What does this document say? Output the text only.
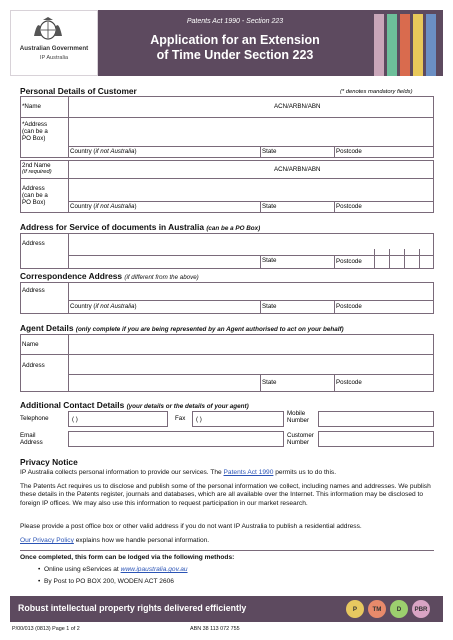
Australian Government
IP Australia
Patents Act 1990 - Section 223
Application for an Extension
of Time Under Section 223
Personal Details of Customer	(* denotes mandatory fields)
*Name	ACN/ARBN/ABN
*Address
(can be a
PO Box)
Country (if not Australia)	State	Postcode
2nd Name
(if required)	ACN/ARBN/ABN
Address
(can be a
PO Box)
Country (if not Australia)	State	Postcode
Address for Service of documents in Australia (can be a PO Box)
Address
State	Postcode
Correspondence Address (if different from the above)
Address
Country (if not Australia)	State	Postcode
Agent Details (only complete if you are being represented by an Agent authorised to act on your behalf)
Name
Address
State	Postcode
Additional Contact Details (your details or the details of your agent)
Telephone	( )	Fax ( )
Mobile
Number
Email
Address
Customer
Number
Privacy Notice
IP Australia collects personal information to provide our services. The Patents Act 1990 permits us to do this.
The Patents Act requires us to disclose and publish some of the personal information we collect, including names and addresses. We publish these details in the Patents register, journals and databases, which are all available over the Internet. This information may be disclosed to foreign IP offices. We may also use this information to request participation in our market research.
Please provide a post office box or other valid address if you do not want IP Australia to publish a residential address.
Our Privacy Policy explains how we handle personal information.
Once completed, this form can be lodged via the following methods:
•  Online using eServices at www.ipaustralia.gov.au
•  By Post to PO BOX 200, WODEN ACT 2606
Robust intellectual property rights delivered efficiently	P TM D PBR
P/00/013 (0813) Page 1 of 2	ABN 38 113 072 755
